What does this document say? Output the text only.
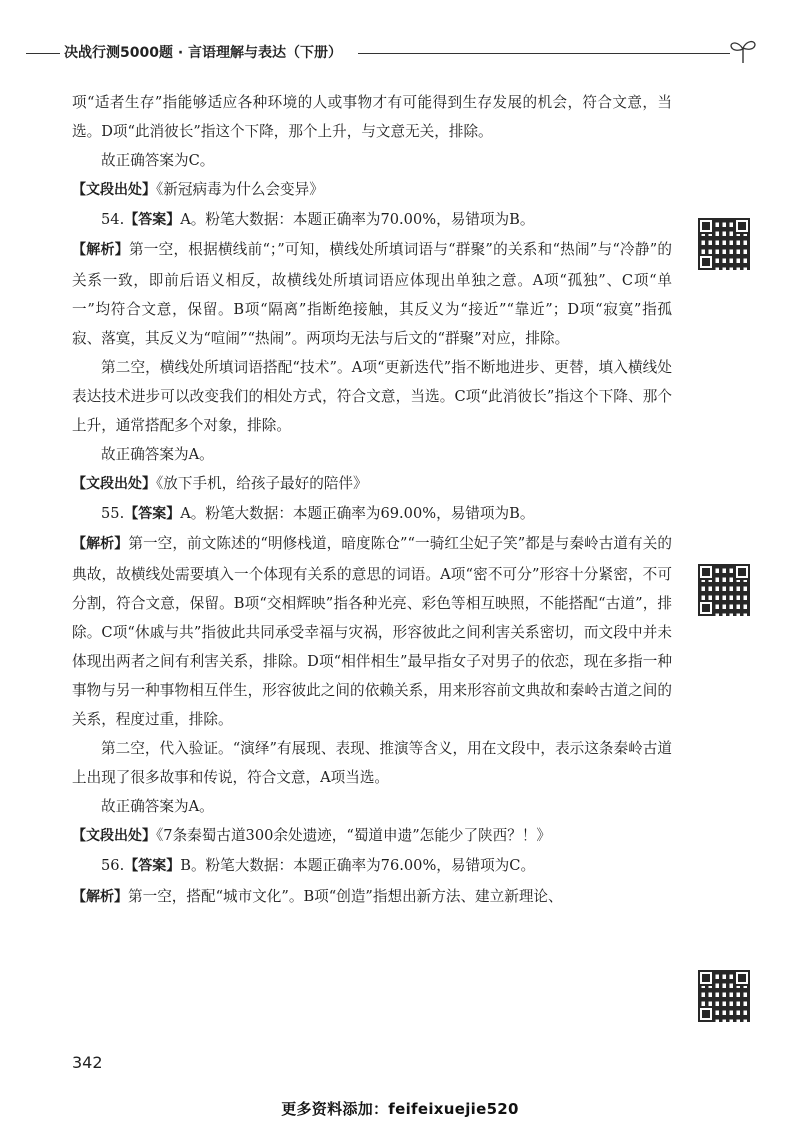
决战行测5000题 · 言语理解与表达（下册）

项“适者生存”指能够适应各种环境的人或事物才有可能得到生存发展的机会，符合文意，当选。D项“此消彼长”指这个下降，那个上升，与文意无关，排除。

故正确答案为C。

【文段出处】《新冠病毒为什么会变异》

54.【答案】A。粉笔大数据：本题正确率为70.00%，易错项为B。

【解析】第一空，根据横线前“；”可知，横线处所填词语与“群聚”的关系和“热闹”与“冷静”的关系一致，即前后语义相反，故横线处所填词语应体现出单独之意。A项“孤独”、C项“单一”均符合文意，保留。B项“隔离”指断绝接触，其反义为“接近”“靠近”；D项“寂寞”指孤寂、落寞，其反义为“喧闹”“热闹”。两项均无法与后文的“群聚”对应，排除。

第二空，横线处所填词语搭配“技术”。A项“更新迭代”指不断地进步、更替，填入横线处表达技术进步可以改变我们的相处方式，符合文意，当选。C项“此消彼长”指这个下降、那个上升，通常搭配多个对象，排除。

故正确答案为A。

【文段出处】《放下手机，给孩子最好的陪伴》

55.【答案】A。粉笔大数据：本题正确率为69.00%，易错项为B。

【解析】第一空，前文陈述的“明修栈道，暗度陈仓”“一骑红尘妃子笑”都是与秦岭古道有关的典故，故横线处需要填入一个体现有关系的意思的词语。A项“密不可分”形容十分紧密，不可分割，符合文意，保留。B项“交相辉映”指各种光亮、彩色等相互映照，不能搭配“古道”，排除。C项“休戚与共”指彼此共同承受幸福与灾祸，形容彼此之间利害关系密切，而文段中并未体现出两者之间有利害关系，排除。D项“相伴相生”最早指女子对男子的依恋，现在多指一种事物与另一种事物相互伴生，形容彼此之间的依赖关系，用来形容前文典故和秦岭古道之间的关系，程度过重，排除。

第二空，代入验证。“演绎”有展现、表现、推演等含义，用在文段中，表示这条秦岭古道上出现了很多故事和传说，符合文意，A项当选。

故正确答案为A。

【文段出处】《7条秦蜀古道300余处遗迹，“蜀道申遗”怎能少了陕西？！》

56.【答案】B。粉笔大数据：本题正确率为76.00%，易错项为C。

【解析】第一空，搭配“城市文化”。B项“创造”指想出新方法、建立新理论、

342
更多资料添加：feifeixuejie520
